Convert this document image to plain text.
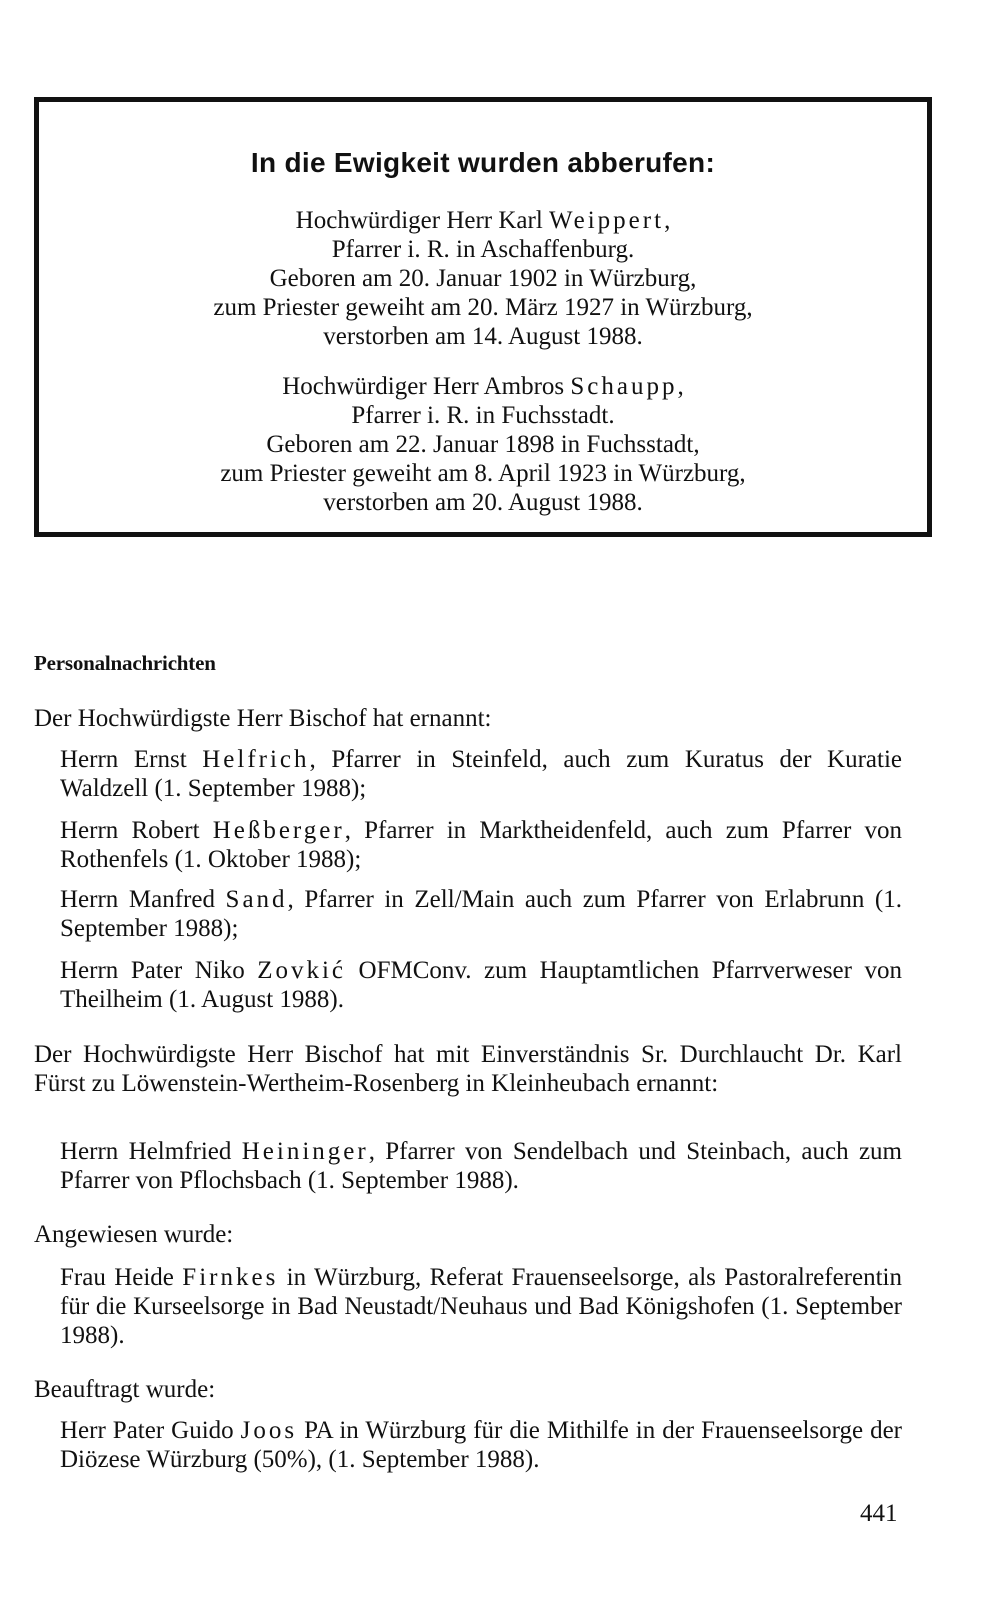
In die Ewigkeit wurden abberufen:
Hochwürdiger Herr Karl Weippert,
Pfarrer i. R. in Aschaffenburg.
Geboren am 20. Januar 1902 in Würzburg,
zum Priester geweiht am 20. März 1927 in Würzburg,
verstorben am 14. August 1988.
Hochwürdiger Herr Ambros Schaupp,
Pfarrer i. R. in Fuchsstadt.
Geboren am 22. Januar 1898 in Fuchsstadt,
zum Priester geweiht am 8. April 1923 in Würzburg,
verstorben am 20. August 1988.
Personalnachrichten
Der Hochwürdigste Herr Bischof hat ernannt:
Herrn Ernst Helfrich, Pfarrer in Steinfeld, auch zum Kuratus der Kuratie Waldzell (1. September 1988);
Herrn Robert Heßberger, Pfarrer in Marktheidenfeld, auch zum Pfarrer von Rothenfels (1. Oktober 1988);
Herrn Manfred Sand, Pfarrer in Zell/Main auch zum Pfarrer von Erlabrunn (1. September 1988);
Herrn Pater Niko Zovkić OFMConv. zum Hauptamtlichen Pfarrverweser von Theilheim (1. August 1988).
Der Hochwürdigste Herr Bischof hat mit Einverständnis Sr. Durchlaucht Dr. Karl Fürst zu Löwenstein-Wertheim-Rosenberg in Kleinheubach ernannt:
Herrn Helmfried Heininger, Pfarrer von Sendelbach und Steinbach, auch zum Pfarrer von Pflochsbach (1. September 1988).
Angewiesen wurde:
Frau Heide Firnkes in Würzburg, Referat Frauenseelsorge, als Pastoralreferentin für die Kurseelsorge in Bad Neustadt/Neuhaus und Bad Königshofen (1. September 1988).
Beauftragt wurde:
Herr Pater Guido Joos PA in Würzburg für die Mithilfe in der Frauenseelsorge der Diözese Würzburg (50%), (1. September 1988).
441
